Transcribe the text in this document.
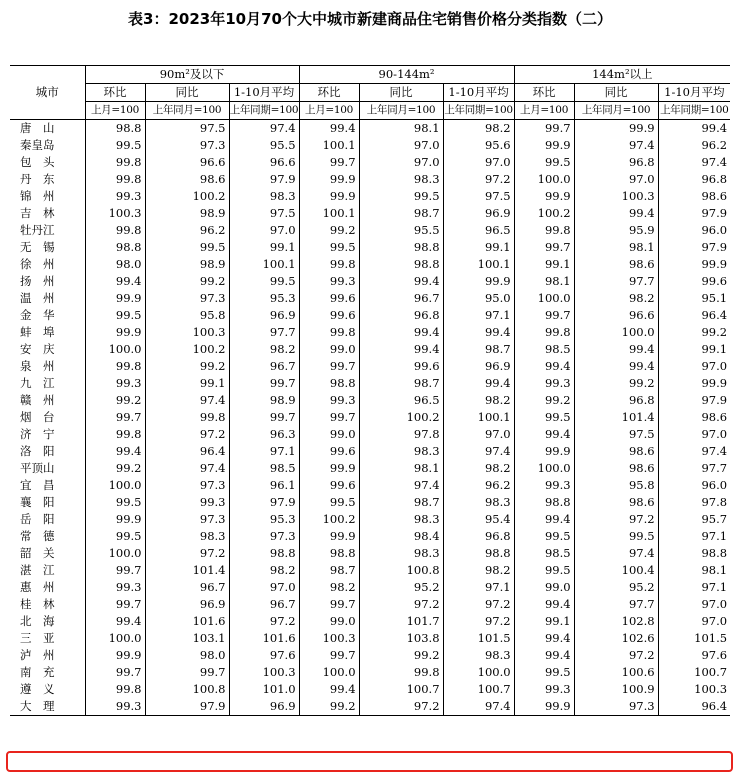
表3：2023年10月70个大中城市新建商品住宅销售价格分类指数（二）
城市	90m²及以下			90-144m²			144m²以上		
	环比	同比	1-10月平均	环比	同比	1-10月平均	环比	同比	1-10月平均
	上月=100	上年同月=100	上年同期=100	上月=100	上年同月=100	上年同期=100	上月=100	上年同月=100	上年同期=100
唐　山	98.8	97.5	97.4	99.4	98.1	98.2	99.7	99.9	99.4
秦皇岛	99.5	97.3	95.5	100.1	97.0	95.6	99.9	97.4	96.2
包　头	99.8	96.6	96.6	99.7	97.0	97.0	99.5	96.8	97.4
丹　东	99.8	98.6	97.9	99.9	98.3	97.2	100.0	97.0	96.8
锦　州	99.3	100.2	98.3	99.9	99.5	97.5	99.9	100.3	98.6
吉　林	100.3	98.9	97.5	100.1	98.7	96.9	100.2	99.4	97.9
牡丹江	99.8	96.2	97.0	99.2	95.5	96.5	99.8	95.9	96.0
无　锡	98.8	99.5	99.1	99.5	98.8	99.1	99.7	98.1	97.9
徐　州	98.0	98.9	100.1	99.8	98.8	100.1	99.1	98.6	99.9
扬　州	99.4	99.2	99.5	99.3	99.4	99.9	98.1	97.7	99.6
温　州	99.9	97.3	95.3	99.6	96.7	95.0	100.0	98.2	95.1
金　华	99.5	95.8	96.9	99.6	96.8	97.1	99.7	96.6	96.4
蚌　埠	99.9	100.3	97.7	99.8	99.4	99.4	99.8	100.0	99.2
安　庆	100.0	100.2	98.2	99.0	99.4	98.7	98.5	99.4	99.1
泉　州	99.8	99.2	96.7	99.7	99.6	96.9	99.4	99.4	97.0
九　江	99.3	99.1	99.7	98.8	98.7	99.4	99.3	99.2	99.9
赣　州	99.2	97.4	98.9	99.3	96.5	98.2	99.2	96.8	97.9
烟　台	99.7	99.8	99.7	99.7	100.2	100.1	99.5	101.4	98.6
济　宁	99.8	97.2	96.3	99.0	97.8	97.0	99.4	97.5	97.0
洛　阳	99.4	96.4	97.1	99.6	98.3	97.4	99.9	98.6	97.4
平顶山	99.2	97.4	98.5	99.9	98.1	98.2	100.0	98.6	97.7
宜　昌	100.0	97.3	96.1	99.6	97.4	96.2	99.3	95.8	96.0
襄　阳	99.5	99.3	97.9	99.5	98.7	98.3	98.8	98.6	97.8
岳　阳	99.9	97.3	95.3	100.2	98.3	95.4	99.4	97.2	95.7
常　德	99.5	98.3	97.3	99.9	98.4	96.8	99.5	99.5	97.1
韶　关	100.0	97.2	98.8	98.8	98.3	98.8	98.5	97.4	98.8
湛　江	99.7	101.4	98.2	98.7	100.8	98.2	99.5	100.4	98.1
惠　州	99.3	96.7	97.0	98.2	95.2	97.1	99.0	95.2	97.1
桂　林	99.7	96.9	96.7	99.7	97.2	97.2	99.4	97.7	97.0
北　海	99.4	101.6	97.2	99.0	101.7	97.2	99.1	102.8	97.0
三　亚	100.0	103.1	101.6	100.3	103.8	101.5	99.4	102.6	101.5
泸　州	99.9	98.0	97.6	99.7	99.2	98.3	99.4	97.2	97.6
南　充	99.7	99.7	100.3	100.0	99.8	100.0	99.5	100.6	100.7
遵　义	99.8	100.8	101.0	99.4	100.7	100.7	99.3	100.9	100.3
大　理	99.3	97.9	96.9	99.2	97.2	97.4	99.9	97.3	96.4
